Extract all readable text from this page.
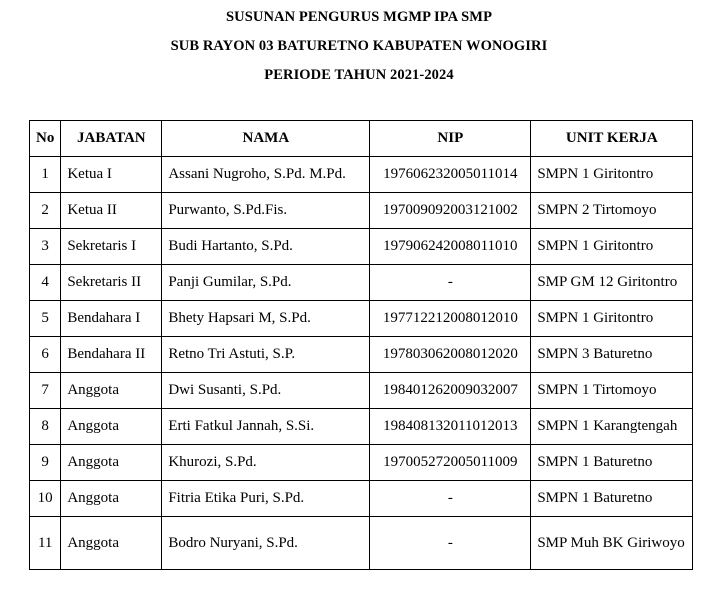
SUSUNAN PENGURUS MGMP IPA SMP
SUB RAYON 03 BATURETNO KABUPATEN WONOGIRI
PERIODE TAHUN 2021-2024
No	JABATAN	NAMA	NIP	UNIT KERJA
1	Ketua I	Assani Nugroho, S.Pd. M.Pd.	197606232005011014	SMPN 1 Giritontro
2	Ketua II	Purwanto, S.Pd.Fis.	197009092003121002	SMPN 2 Tirtomoyo
3	Sekretaris I	Budi Hartanto, S.Pd.	197906242008011010	SMPN 1 Giritontro
4	Sekretaris II	Panji Gumilar, S.Pd.	-	SMP GM 12 Giritontro
5	Bendahara I	Bhety Hapsari M, S.Pd.	197712212008012010	SMPN 1 Giritontro
6	Bendahara II	Retno Tri Astuti, S.P.	197803062008012020	SMPN 3 Baturetno
7	Anggota	Dwi Susanti, S.Pd.	198401262009032007	SMPN 1 Tirtomoyo
8	Anggota	Erti Fatkul Jannah, S.Si.	198408132011012013	SMPN 1 Karangtengah
9	Anggota	Khurozi, S.Pd.	197005272005011009	SMPN 1 Baturetno
10	Anggota	Fitria Etika Puri, S.Pd.	-	SMPN 1 Baturetno
11	Anggota	Bodro Nuryani, S.Pd.	-	SMP Muh BK Giriwoyo
